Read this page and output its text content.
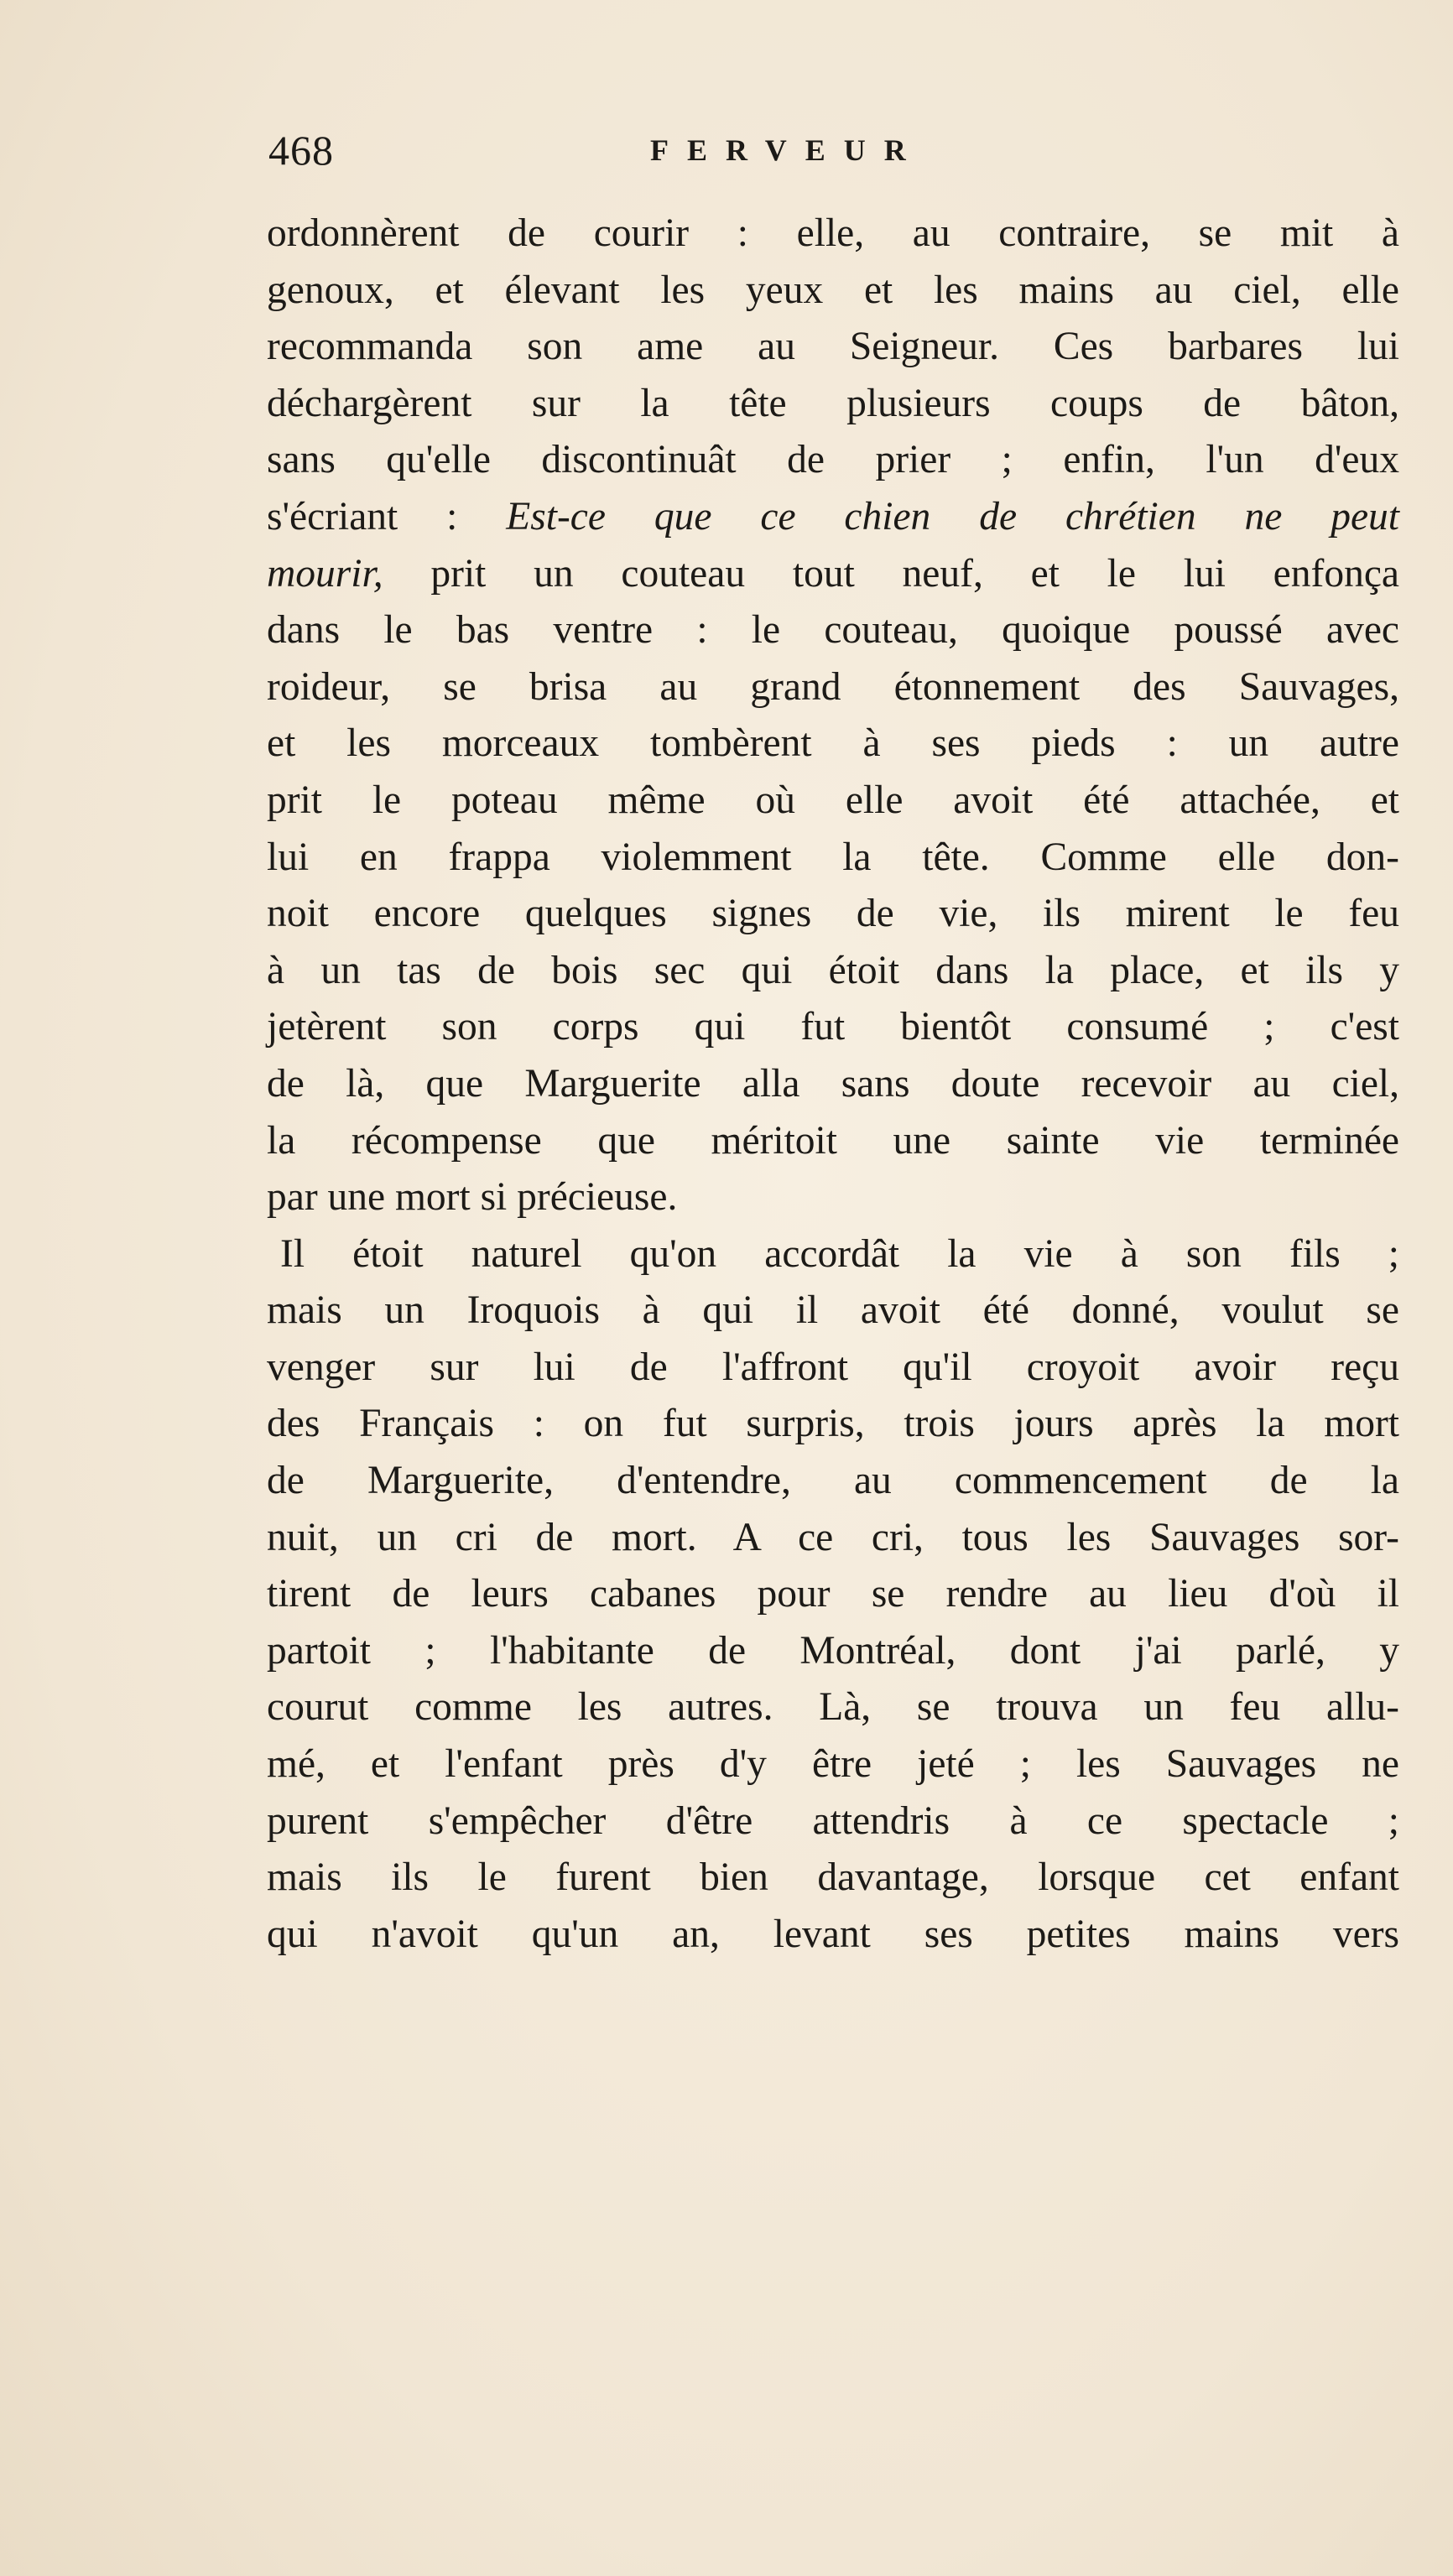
468	FERVEUR
ordonnèrent de courir : elle, au contraire, se mit à
genoux, et élevant les yeux et les mains au ciel, elle
recommanda son ame au Seigneur. Ces barbares lui
déchargèrent sur la tête plusieurs coups de bâton,
sans qu'elle discontinuât de prier ; enfin, l'un d'eux
s'écriant : Est-ce que ce chien de chrétien ne peut
mourir, prit un couteau tout neuf, et le lui enfonça
dans le bas ventre : le couteau, quoique poussé avec
roideur, se brisa au grand étonnement des Sauvages,
et les morceaux tombèrent à ses pieds : un autre
prit le poteau même où elle avoit été attachée, et
lui en frappa violemment la tête. Comme elle don-
noit encore quelques signes de vie, ils mirent le feu
à un tas de bois sec qui étoit dans la place, et ils y
jetèrent son corps qui fut bientôt consumé ; c'est
de là, que Marguerite alla sans doute recevoir au ciel,
la récompense que méritoit une sainte vie terminée
par une mort si précieuse.
Il étoit naturel qu'on accordât la vie à son fils ;
mais un Iroquois à qui il avoit été donné, voulut se
venger sur lui de l'affront qu'il croyoit avoir reçu
des Français : on fut surpris, trois jours après la mort
de Marguerite, d'entendre, au commencement de la
nuit, un cri de mort. A ce cri, tous les Sauvages sor-
tirent de leurs cabanes pour se rendre au lieu d'où il
partoit ; l'habitante de Montréal, dont j'ai parlé, y
courut comme les autres. Là, se trouva un feu allu-
mé, et l'enfant près d'y être jeté ; les Sauvages ne
purent s'empêcher d'être attendris à ce spectacle ;
mais ils le furent bien davantage, lorsque cet enfant
qui n'avoit qu'un an, levant ses petites mains vers
